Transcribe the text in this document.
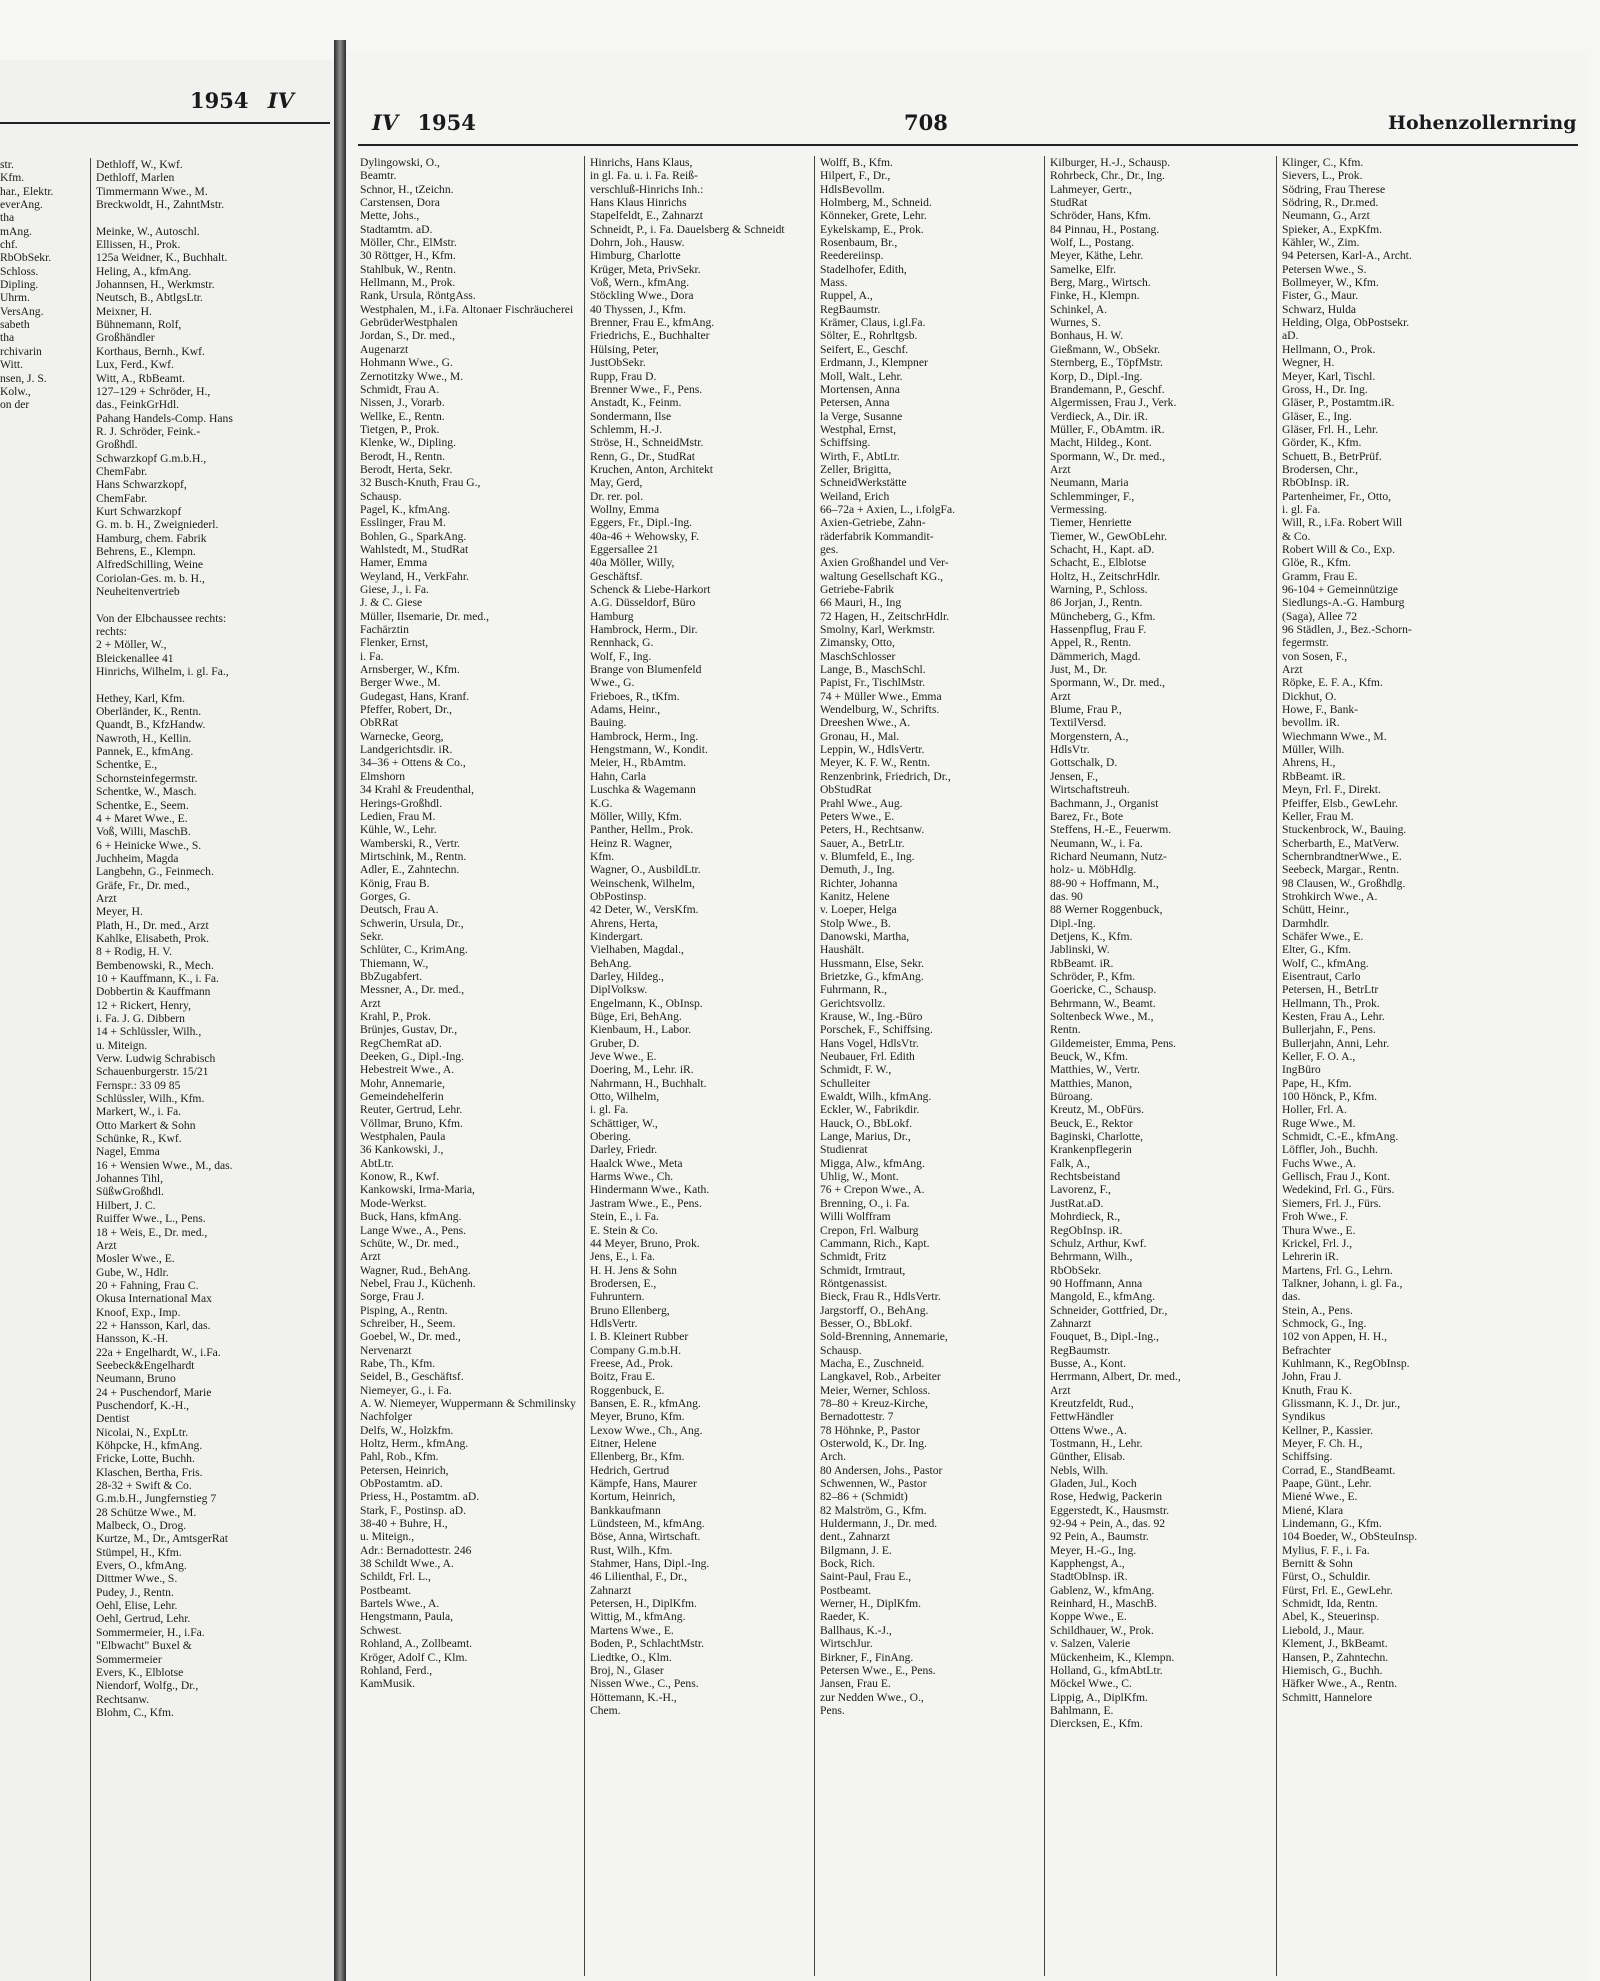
1954 IV
str.
Kfm.
har., Elektr.
everAng.
tha
mAng.
chf.
RbObSekr.
Schloss.
Dipling.
Uhrm.
VersAng.
sabeth
tha
rchivarin
Witt.
nsen, J. S.
Kolw.,
on der
Dethloff, W., Kwf.
Dethloff, Marlen
Timmermann Wwe., M.
Breckwoldt, H., ZahntMstr.
Meinke, W., Autoschl.
Ellissen, H., Prok.
125a Weidner, K., Buchhalt.
Heling, A., kfmAng.
Johannsen, H., Werkmstr.
Neutsch, B., AbtlgsLtr.
Meixner, H.
Bühnemann, Rolf,
Großhändler
Korthaus, Bernh., Kwf.
Lux, Ferd., Kwf.
Witt, A., RbBeamt.
127–129 + Schröder, H.,
das., FeinkGrHdl.
Pahang Handels-Comp. Hans
R. J. Schröder, Feink.-
Großhdl.
Schwarzkopf G.m.b.H.,
ChemFabr.
Hans Schwarzkopf,
ChemFabr.
Kurt Schwarzkopf
G. m. b. H., Zweigniederl.
Hamburg, chem. Fabrik
Behrens, E., Klempn.
AlfredSchilling, Weine
Coriolan-Ges. m. b. H.,
Neuheitenvertrieb
Von der Elbchaussee rechts:
rechts:
2 + Möller, W.,
Bleickenallee 41
Hinrichs, Wilhelm, i. gl. Fa.,
Hethey, Karl, Kfm.
Oberländer, K., Rentn.
Quandt, B., KfzHandw.
Nawroth, H., Kellin.
Pannek, E., kfmAng.
Schentke, E.,
Schornsteinfegermstr.
Schentke, W., Masch.
Schentke, E., Seem.
4 + Maret Wwe., E.
Voß, Willi, MaschB.
6 + Heinicke Wwe., S.
Juchheim, Magda
Langbehn, G., Feinmech.
Gräfe, Fr., Dr. med.,
Arzt
Meyer, H.
Plath, H., Dr. med., Arzt
Kahlke, Elisabeth, Prok.
8 + Rodig, H. V.
Bembenowski, R., Mech.
10 + Kauffmann, K., i. Fa.
Dobbertin & Kauffmann
12 + Rickert, Henry,
i. Fa. J. G. Dibbern
14 + Schlüssler, Wilh.,
u. Miteign.
Verw. Ludwig Schrabisch
Schauenburgerstr. 15/21
Fernspr.: 33 09 85
Schlüssler, Wilh., Kfm.
Markert, W., i. Fa.
Otto Markert & Sohn
Schünke, R., Kwf.
Nagel, Emma
16 + Wensien Wwe., M., das.
Johannes Tihl,
SüßwGroßhdl.
Hilbert, J. C.
Ruiffer Wwe., L., Pens.
18 + Weis, E., Dr. med.,
Arzt
Mosler Wwe., E.
Gube, W., Hdlr.
20 + Fahning, Frau C.
Okusa International Max
Knoof, Exp., Imp.
22 + Hansson, Karl, das.
Hansson, K.-H.
22a + Engelhardt, W., i.Fa.
Seebeck&Engelhardt
Neumann, Bruno
24 + Puschendorf, Marie
Puschendorf, K.-H.,
Dentist
Nicolai, N., ExpLtr.
Köhpcke, H., kfmAng.
Fricke, Lotte, Buchh.
Klaschen, Bertha, Fris.
28-32 + Swift & Co.
G.m.b.H., Jungfernstieg 7
28 Schütze Wwe., M.
Malbeck, O., Drog.
Kurtze, M., Dr., AmtsgerRat
Stümpel, H., Kfm.
Evers, O., kfmAng.
Dittmer Wwe., S.
Pudey, J., Rentn.
Oehl, Elise, Lehr.
Oehl, Gertrud, Lehr.
Sommermeier, H., i.Fa.
"Elbwacht" Buxel &
Sommermeier
Evers, K., Elblotse
Niendorf, Wolfg., Dr.,
Rechtsanw.
Blohm, C., Kfm.
IV 1954	708	Hohenzollernring
Dylingowski, O.,
Beamtr.
Schnor, H., tZeichn.
Carstensen, Dora
Mette, Johs.,
Stadtamtm. aD.
Möller, Chr., ElMstr.
30 Röttger, H., Kfm.
Stahlbuk, W., Rentn.
Hellmann, M., Prok.
Rank, Ursula, RöntgAss.
Westphalen, M., i.Fa. Altonaer Fischräucherei
GebrüderWestphalen
Jordan, S., Dr. med.,
Augenarzt
Hohmann Wwe., G.
Zernotitzky Wwe., M.
Schmidt, Frau A.
Nissen, J., Vorarb.
Wellke, E., Rentn.
Tietgen, P., Prok.
Klenke, W., Dipling.
Berodt, H., Rentn.
Berodt, Herta, Sekr.
32 Busch-Knuth, Frau G.,
Schausp.
Pagel, K., kfmAng.
Esslinger, Frau M.
Bohlen, G., SparkAng.
Wahlstedt, M., StudRat
Hamer, Emma
Weyland, H., VerkFahr.
Giese, J., i. Fa.
J. & C. Giese
Müller, Ilsemarie, Dr. med.,
Fachärztin
Flenker, Ernst,
i. Fa.
Arnsberger, W., Kfm.
Berger Wwe., M.
Gudegast, Hans, Kranf.
Pfeffer, Robert, Dr.,
ObRRat
Warnecke, Georg,
Landgerichtsdir. iR.
34–36 + Ottens & Co.,
Elmshorn
34 Krahl & Freudenthal,
Herings-Großhdl.
Ledien, Frau M.
Kühle, W., Lehr.
Wamberski, R., Vertr.
Mirtschink, M., Rentn.
Adler, E., Zahntechn.
König, Frau B.
Gorges, G.
Deutsch, Frau A.
Schwerin, Ursula, Dr.,
Sekr.
Schlüter, C., KrimAng.
Thiemann, W.,
BbZugabfert.
Messner, A., Dr. med.,
Arzt
Krahl, P., Prok.
Brünjes, Gustav, Dr.,
RegChemRat aD.
Deeken, G., Dipl.-Ing.
Hebestreit Wwe., A.
Mohr, Annemarie,
Gemeindehelferin
Reuter, Gertrud, Lehr.
Völlmar, Bruno, Kfm.
Westphalen, Paula
36 Kankowski, J.,
AbtLtr.
Konow, R., Kwf.
Kankowski, Irma-Maria,
Mode-Werkst.
Buck, Hans, kfmAng.
Lange Wwe., A., Pens.
Schüte, W., Dr. med.,
Arzt
Wagner, Rud., BehAng.
Nebel, Frau J., Küchenh.
Sorge, Frau J.
Pisping, A., Rentn.
Schreiber, H., Seem.
Goebel, W., Dr. med.,
Nervenarzt
Rabe, Th., Kfm.
Seidel, B., Geschäftsf.
Niemeyer, G., i. Fa.
A. W. Niemeyer, Wuppermann & Schmilinsky
Nachfolger
Delfs, W., Holzkfm.
Holtz, Herm., kfmAng.
Pahl, Rob., Kfm.
Petersen, Heinrich,
ObPostamtm. aD.
Priess, H., Postamtm. aD.
Stark, F., Postinsp. aD.
38-40 + Buhre, H.,
u. Miteign.,
Adr.: Bernadottestr. 246
38 Schildt Wwe., A.
Schildt, Frl. L.,
Postbeamt.
Bartels Wwe., A.
Hengstmann, Paula,
Schwest.
Rohland, A., Zollbeamt.
Kröger, Adolf C., Klm.
Rohland, Ferd.,
KamMusik.
Hinrichs, Hans Klaus,
in gl. Fa. u. i. Fa. Reiß-
verschluß-Hinrichs Inh.:
Hans Klaus Hinrichs
Stapelfeldt, E., Zahnarzt
Schneidt, P., i. Fa. Dauelsberg & Schneidt
Dohrn, Joh., Hausw.
Himburg, Charlotte
Krüger, Meta, PrivSekr.
Voß, Wern., kfmAng.
Stöckling Wwe., Dora
40 Thyssen, J., Kfm.
Brenner, Frau E., kfmAng.
Friedrichs, E., Buchhalter
Hülsing, Peter,
JustObSekr.
Rupp, Frau D.
Brenner Wwe., F., Pens.
Anstadt, K., Feinm.
Sondermann, Ilse
Schlemm, H.-J.
Ströse, H., SchneidMstr.
Renn, G., Dr., StudRat
Kruchen, Anton, Architekt
May, Gerd,
Dr. rer. pol.
Wollny, Emma
Eggers, Fr., Dipl.-Ing.
40a-46 + Wehowsky, F.
Eggersallee 21
40a Möller, Willy,
Geschäftsf.
Schenck & Liebe-Harkort
A.G. Düsseldorf, Büro
Hamburg
Hambrock, Herm., Dir.
Rennhack, G.
Wolf, F., Ing.
Brange von Blumenfeld
Wwe., G.
Frieboes, R., tKfm.
Adams, Heinr.,
Bauing.
Hambrock, Herm., Ing.
Hengstmann, W., Kondit.
Meier, H., RbAmtm.
Hahn, Carla
Luschka & Wagemann
K.G.
Möller, Willy, Kfm.
Panther, Hellm., Prok.
Heinz R. Wagner,
Kfm.
Wagner, O., AusbildLtr.
Weinschenk, Wilhelm,
ObPostinsp.
42 Deter, W., VersKfm.
Ahrens, Herta,
Kindergart.
Vielhaben, Magdal.,
BehAng.
Darley, Hildeg.,
DiplVolksw.
Engelmann, K., ObInsp.
Büge, Eri, BehAng.
Kienbaum, H., Labor.
Gruber, D.
Jeve Wwe., E.
Doering, M., Lehr. iR.
Nahrmann, H., Buchhalt.
Otto, Wilhelm,
i. gl. Fa.
Schättiger, W.,
Obering.
Darley, Friedr.
Haalck Wwe., Meta
Harms Wwe., Ch.
Hindermann Wwe., Kath.
Jastram Wwe., E., Pens.
Stein, E., i. Fa.
E. Stein & Co.
44 Meyer, Bruno, Prok.
Jens, E., i. Fa.
H. H. Jens & Sohn
Brodersen, E.,
Fuhruntern.
Bruno Ellenberg,
HdlsVertr.
I. B. Kleinert Rubber
Company G.m.b.H.
Freese, Ad., Prok.
Boitz, Frau E.
Roggenbuck, E.
Bansen, E. R., kfmAng.
Meyer, Bruno, Kfm.
Lexow Wwe., Ch., Ang.
Eitner, Helene
Ellenberg, Br., Kfm.
Hedrich, Gertrud
Kämpfe, Hans, Maurer
Kortum, Heinrich,
Bankkaufmann
Lündsteen, M., kfmAng.
Böse, Anna, Wirtschaft.
Rust, Wilh., Kfm.
Stahmer, Hans, Dipl.-Ing.
46 Lilienthal, F., Dr.,
Zahnarzt
Petersen, H., DiplKfm.
Wittig, M., kfmAng.
Martens Wwe., E.
Boden, P., SchlachtMstr.
Liedtke, O., Klm.
Broj, N., Glaser
Nissen Wwe., C., Pens.
Höttemann, K.-H.,
Chem.
Wolff, B., Kfm.
Hilpert, F., Dr.,
HdlsBevollm.
Holmberg, M., Schneid.
Könneker, Grete, Lehr.
Eykelskamp, E., Prok.
Rosenbaum, Br.,
Reedereiinsp.
Stadelhofer, Edith,
Mass.
Ruppel, A.,
RegBaumstr.
Krämer, Claus, i.gl.Fa.
Sölter, E., Rohrltgsb.
Seifert, E., Geschf.
Erdmann, J., Klempner
Moll, Walt., Lehr.
Mortensen, Anna
Petersen, Anna
la Verge, Susanne
Westphal, Ernst,
Schiffsing.
Wirth, F., AbtLtr.
Zeller, Brigitta,
SchneidWerkstätte
Weiland, Erich
66–72a + Axien, L., i.folgFa.
Axien-Getriebe, Zahn-
räderfabrik Kommandit-
ges.
Axien Großhandel und Ver-
waltung Gesellschaft KG.,
Getriebe-Fabrik
66 Mauri, H., Ing
72 Hagen, H., ZeitschrHdlr.
Smolny, Karl, Werkmstr.
Zimansky, Otto,
MaschSchlosser
Lange, B., MaschSchl.
Papist, Fr., TischlMstr.
74 + Müller Wwe., Emma
Wendelburg, W., Schrifts.
Dreeshen Wwe., A.
Gronau, H., Mal.
Leppin, W., HdlsVertr.
Meyer, K. F. W., Rentn.
Renzenbrink, Friedrich, Dr.,
ObStudRat
Prahl Wwe., Aug.
Peters Wwe., E.
Peters, H., Rechtsanw.
Sauer, A., BetrLtr.
v. Blumfeld, E., Ing.
Demuth, J., Ing.
Richter, Johanna
Kanitz, Helene
v. Loeper, Helga
Stolp Wwe., B.
Danowski, Martha,
Haushält.
Hussmann, Else, Sekr.
Brietzke, G., kfmAng.
Fuhrmann, R.,
Gerichtsvollz.
Krause, W., Ing.-Büro
Porschek, F., Schiffsing.
Hans Vogel, HdlsVtr.
Neubauer, Frl. Edith
Schmidt, F. W.,
Schulleiter
Ewaldt, Wilh., kfmAng.
Eckler, W., Fabrikdir.
Hauck, O., BbLokf.
Lange, Marius, Dr.,
Studienrat
Migga, Alw., kfmAng.
Uhlig, W., Mont.
76 + Crepon Wwe., A.
Brenning, O., i. Fa.
Willi Wolffram
Crepon, Frl. Walburg
Cammann, Rich., Kapt.
Schmidt, Fritz
Schmidt, Irmtraut,
Röntgenassist.
Bieck, Frau R., HdlsVertr.
Jargstorff, O., BehAng.
Besser, O., BbLokf.
Sold-Brenning, Annemarie,
Schausp.
Macha, E., Zuschneid.
Langkavel, Rob., Arbeiter
Meier, Werner, Schloss.
78–80 + Kreuz-Kirche,
Bernadottestr. 7
78 Höhnke, P., Pastor
Osterwold, K., Dr. Ing.
Arch.
80 Andersen, Johs., Pastor
Schwennen, W., Pastor
82–86 + (Schmidt)
82 Malström, G., Kfm.
Huldermann, J., Dr. med.
dent., Zahnarzt
Bilgmann, J. E.
Bock, Rich.
Saint-Paul, Frau E.,
Postbeamt.
Werner, H., DiplKfm.
Raeder, K.
Ballhaus, K.-J.,
WirtschJur.
Birkner, F., FinAng.
Petersen Wwe., E., Pens.
Jansen, Frau E.
zur Nedden Wwe., O.,
Pens.
Kilburger, H.-J., Schausp.
Rohrbeck, Chr., Dr., Ing.
Lahmeyer, Gertr.,
StudRat
Schröder, Hans, Kfm.
84 Pinnau, H., Postang.
Wolf, L., Postang.
Meyer, Käthe, Lehr.
Samelke, Elfr.
Berg, Marg., Wirtsch.
Finke, H., Klempn.
Schinkel, A.
Wurnes, S.
Bonhaus, H. W.
Gießmann, W., ObSekr.
Sternberg, E., TöpfMstr.
Korp, D., Dipl.-Ing.
Brandemann, P., Geschf.
Algermissen, Frau J., Verk.
Verdieck, A., Dir. iR.
Müller, F., ObAmtm. iR.
Macht, Hildeg., Kont.
Spormann, W., Dr. med.,
Arzt
Neumann, Maria
Schlemminger, F.,
Vermessing.
Tiemer, Henriette
Tiemer, W., GewObLehr.
Schacht, H., Kapt. aD.
Schacht, E., Elblotse
Holtz, H., ZeitschrHdlr.
Warning, P., Schloss.
86 Jorjan, J., Rentn.
Müncheberg, G., Kfm.
Hassenpflug, Frau F.
Appel, R., Rentn.
Dämmerich, Magd.
Just, M., Dr.
Spormann, W., Dr. med.,
Arzt
Blume, Frau P.,
TextilVersd.
Morgenstern, A.,
HdlsVtr.
Gottschalk, D.
Jensen, F.,
Wirtschaftstreuh.
Bachmann, J., Organist
Barez, Fr., Bote
Steffens, H.-E., Feuerwm.
Neumann, W., i. Fa.
Richard Neumann, Nutz-
holz- u. MöbHdlg.
88-90 + Hoffmann, M.,
das. 90
88 Werner Roggenbuck,
Dipl.-Ing.
Detjens, K., Kfm.
Jablinski, W.
RbBeamt. iR.
Schröder, P., Kfm.
Goericke, C., Schausp.
Behrmann, W., Beamt.
Soltenbeck Wwe., M.,
Rentn.
Gildemeister, Emma, Pens.
Beuck, W., Kfm.
Matthies, W., Vertr.
Matthies, Manon,
Büroang.
Kreutz, M., ObFürs.
Beuck, E., Rektor
Baginski, Charlotte,
Krankenpflegerin
Falk, A.,
Rechtsbeistand
Lavorenz, F.,
JustRat.aD.
Mohrdieck, R.,
RegObInsp. iR.
Schulz, Arthur, Kwf.
Behrmann, Wilh.,
RbObSekr.
90 Hoffmann, Anna
Mangold, E., kfmAng.
Schneider, Gottfried, Dr.,
Zahnarzt
Fouquet, B., Dipl.-Ing.,
RegBaumstr.
Busse, A., Kont.
Herrmann, Albert, Dr. med.,
Arzt
Kreutzfeldt, Rud.,
FettwHändler
Ottens Wwe., A.
Tostmann, H., Lehr.
Günther, Elisab.
Nebls, Wilh.
Gladen, Jul., Koch
Rose, Hedwig, Packerin
Eggerstedt, K., Hausmstr.
92-94 + Pein, A., das. 92
92 Pein, A., Baumstr.
Meyer, H.-G., Ing.
Kapphengst, A.,
StadtObInsp. iR.
Gablenz, W., kfmAng.
Reinhard, H., MaschB.
Koppe Wwe., E.
Schildhauer, W., Prok.
v. Salzen, Valerie
Mückenheim, K., Klempn.
Holland, G., kfmAbtLtr.
Möckel Wwe., C.
Lippig, A., DiplKfm.
Bahlmann, E.
Diercksen, E., Kfm.
Klinger, C., Kfm.
Sievers, L., Prok.
Södring, Frau Therese
Södring, R., Dr.med.
Neumann, G., Arzt
Spieker, A., ExpKfm.
Kähler, W., Zim.
94 Petersen, Karl-A., Archt.
Petersen Wwe., S.
Bollmeyer, W., Kfm.
Fister, G., Maur.
Schwarz, Hulda
Helding, Olga, ObPostsekr.
aD.
Hellmann, O., Prok.
Wegner, H.
Meyer, Karl, Tischl.
Gross, H., Dr. Ing.
Gläser, P., Postamtm.iR.
Gläser, E., Ing.
Gläser, Frl. H., Lehr.
Görder, K., Kfm.
Schuett, B., BetrPrüf.
Brodersen, Chr.,
RbObInsp. iR.
Partenheimer, Fr., Otto,
i. gl. Fa.
Will, R., i.Fa. Robert Will
& Co.
Robert Will & Co., Exp.
Glöe, R., Kfm.
Gramm, Frau E.
96-104 + Gemeinnützige
Siedlungs-A.-G. Hamburg
(Saga), Allee 72
96 Städlen, J., Bez.-Schorn-
fegermstr.
von Sosen, F.,
Arzt
Röpke, E. F. A., Kfm.
Dickhut, O.
Howe, F., Bank-
bevollm. iR.
Wiechmann Wwe., M.
Müller, Wilh.
Ahrens, H.,
RbBeamt. iR.
Meyn, Frl. F., Direkt.
Pfeiffer, Elsb., GewLehr.
Keller, Frau M.
Stuckenbrock, W., Bauing.
Scherbarth, E., MatVerw.
SchernbrandtnerWwe., E.
Seebeck, Margar., Rentn.
98 Clausen, W., Großhdlg.
Strohkirch Wwe., A.
Schütt, Heinr.,
Darmhdlr.
Schäfer Wwe., E.
Elter, G., Kfm.
Wolf, C., kfmAng.
Eisentraut, Carlo
Petersen, H., BetrLtr
Hellmann, Th., Prok.
Kesten, Frau A., Lehr.
Bullerjahn, F., Pens.
Bullerjahn, Anni, Lehr.
Keller, F. O. A.,
IngBüro
Pape, H., Kfm.
100 Hönck, P., Kfm.
Holler, Frl. A.
Ruge Wwe., M.
Schmidt, C.-E., kfmAng.
Löffler, Joh., Buchh.
Fuchs Wwe., A.
Gellisch, Frau J., Kont.
Wedekind, Frl. G., Fürs.
Siemers, Frl. J., Fürs.
Froh Wwe., F.
Thura Wwe., E.
Krickel, Frl. J.,
Lehrerin iR.
Martens, Frl. G., Lehrn.
Talkner, Johann, i. gl. Fa.,
das.
Stein, A., Pens.
Schmock, G., Ing.
102 von Appen, H. H.,
Befrachter
Kuhlmann, K., RegObInsp.
John, Frau J.
Knuth, Frau K.
Glissmann, K. J., Dr. jur.,
Syndikus
Kellner, P., Kassier.
Meyer, F. Ch. H.,
Schiffsing.
Corrad, E., StandBeamt.
Paape, Günt., Lehr.
Miené Wwe., E.
Miené, Klara
Lindemann, G., Kfm.
104 Boeder, W., ObSteuInsp.
Mylius, F. F., i. Fa.
Bernitt & Sohn
Fürst, O., Schuldir.
Fürst, Frl. E., GewLehr.
Schmidt, Ida, Rentn.
Abel, K., Steuerinsp.
Liebold, J., Maur.
Klement, J., BkBeamt.
Hansen, P., Zahntechn.
Hiemisch, G., Buchh.
Häfker Wwe., A., Rentn.
Schmitt, Hannelore
